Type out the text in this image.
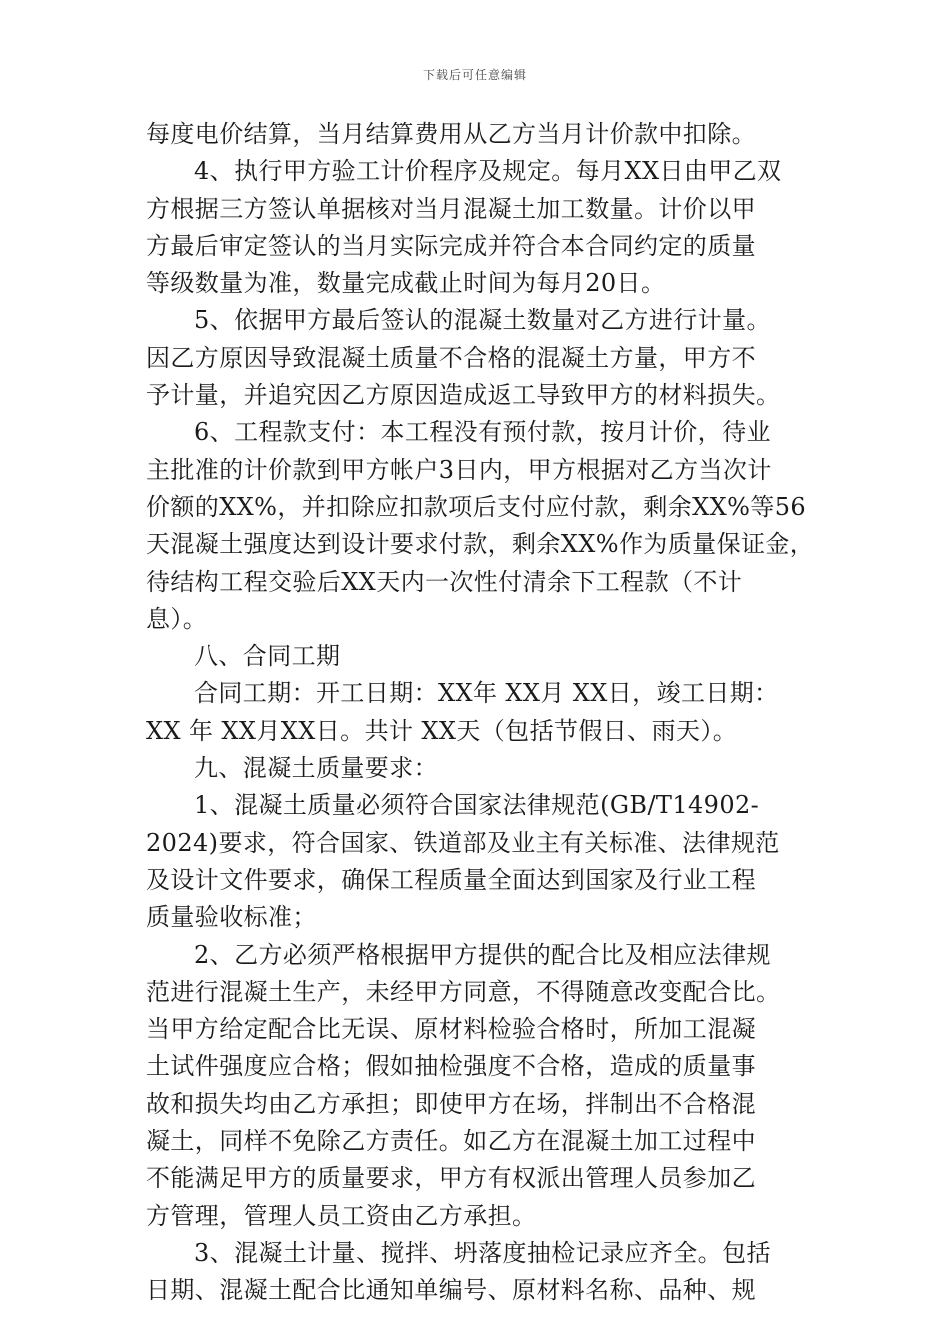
下载后可任意编辑
每度电价结算，当月结算费用从乙方当月计价款中扣除。
4、执行甲方验工计价程序及规定。每月XX日由甲乙双
方根据三方签认单据核对当月混凝土加工数量。计价以甲
方最后审定签认的当月实际完成并符合本合同约定的质量
等级数量为准，数量完成截止时间为每月20日。
5、依据甲方最后签认的混凝土数量对乙方进行计量。
因乙方原因导致混凝土质量不合格的混凝土方量，甲方不
予计量，并追究因乙方原因造成返工导致甲方的材料损失。
6、工程款支付：本工程没有预付款，按月计价，待业
主批准的计价款到甲方帐户3日内，甲方根据对乙方当次计
价额的XX%，并扣除应扣款项后支付应付款，剩余XX%等56
天混凝土强度达到设计要求付款，剩余XX%作为质量保证金，
待结构工程交验后XX天内一次性付清余下工程款（不计
息）。
八、合同工期
合同工期：开工日期：XX年 XX月 XX日，竣工日期：
XX 年 XX月XX日。共计 XX天（包括节假日、雨天）。
九、混凝土质量要求：
1、混凝土质量必须符合国家法律规范(GB/T14902-
2024)要求，符合国家、铁道部及业主有关标准、法律规范
及设计文件要求，确保工程质量全面达到国家及行业工程
质量验收标准；
2、乙方必须严格根据甲方提供的配合比及相应法律规
范进行混凝土生产，未经甲方同意，不得随意改变配合比。
当甲方给定配合比无误、原材料检验合格时，所加工混凝
土试件强度应合格；假如抽检强度不合格，造成的质量事
故和损失均由乙方承担；即使甲方在场，拌制出不合格混
凝土，同样不免除乙方责任。如乙方在混凝土加工过程中
不能满足甲方的质量要求，甲方有权派出管理人员参加乙
方管理，管理人员工资由乙方承担。
3、混凝土计量、搅拌、坍落度抽检记录应齐全。包括
日期、混凝土配合比通知单编号、原材料名称、品种、规
